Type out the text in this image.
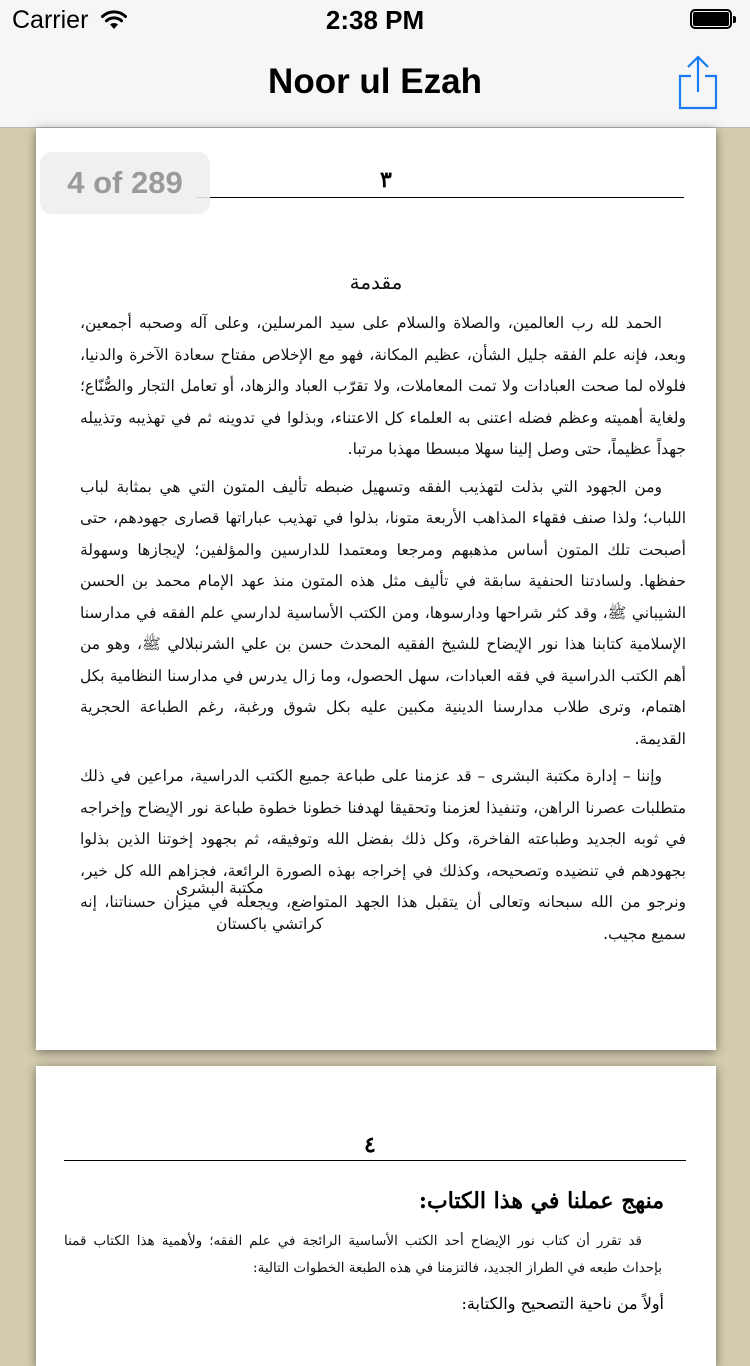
Carrier	2:38 PM
Noor ul Ezah
٣
مقدمة

الحمد لله رب العالمين، والصلاة والسلام على سيد المرسلين، وعلى آله وصحبه أجمعين، وبعد، فإنه علم الفقه جليل الشأن، عظيم المكانة، فهو مع الإخلاص مفتاح سعادة الآخرة والدنيا، فلولاه لما صحت العبادات ولا تمت المعاملات، ولا تقرّب العباد والزهاد، أو تعامل التجار والصُّنّاع؛ ولغاية أهميته وعظم فضله اعتنى به العلماء كل الاعتناء، وبذلوا في تدوينه ثم في تهذيبه وتذييله جهداً عظيماً، حتى وصل إلينا سهلا مبسطا مهذبا مرتبا.

ومن الجهود التي بذلت لتهذيب الفقه وتسهيل ضبطه تأليف المتون التي هي بمثابة لباب اللباب؛ ولذا صنف فقهاء المذاهب الأربعة متونا، بذلوا في تهذيب عباراتها قصارى جهودهم، حتى أصبحت تلك المتون أساس مذهبهم ومرجعا ومعتمدا للدارسين والمؤلفين؛ لإيجازها وسهولة حفظها. ولسادتنا الحنفية سابقة في تأليف مثل هذه المتون منذ عهد الإمام محمد بن الحسن الشيباني ﷺ، وقد كثر شراحها ودارسوها، ومن الكتب الأساسية لدارسي علم الفقه في مدارسنا الإسلامية كتابنا هذا نور الإيضاح للشيخ الفقيه المحدث حسن بن علي الشرنبلالي ﷺ، وهو من أهم الكتب الدراسية في فقه العبادات، سهل الحصول، وما زال يدرس في مدارسنا النظامية بكل اهتمام، وترى طلاب مدارسنا الدينية مكبين عليه بكل شوق ورغبة، رغم الطباعة الحجرية القديمة.

وإننا – إدارة مكتبة البشرى – قد عزمنا على طباعة جميع الكتب الدراسية، مراعين في ذلك متطلبات عصرنا الراهن، وتنفيذا لعزمنا وتحقيقا لهدفنا خطونا خطوة طباعة نور الإيضاح وإخراجه في ثوبه الجديد وطباعته الفاخرة، وكل ذلك بفضل الله وتوفيقه، ثم بجهود إخوتنا الذين بذلوا بجهودهم في تنضيده وتصحيحه، وكذلك في إخراجه بهذه الصورة الرائعة، فجزاهم الله كل خير، ونرجو من الله سبحانه وتعالى أن يتقبل هذا الجهد المتواضع، ويجعله في ميزان حسناتنا، إنه سميع مجيب.

مكتبة البشرى
كراتشي باكستان
٤
منهج عملنا في هذا الكتاب:

قد تقرر أن كتاب نور الإيضاح أحد الكتب الأساسية الرائجة في علم الفقه؛ ولأهمية هذا الكتاب قمنا بإحداث طبعه في الطراز الجديد، فالتزمنا في هذه الطبعة الخطوات التالية:

أولاً من ناحية التصحيح والكتابة:
4 of 289
